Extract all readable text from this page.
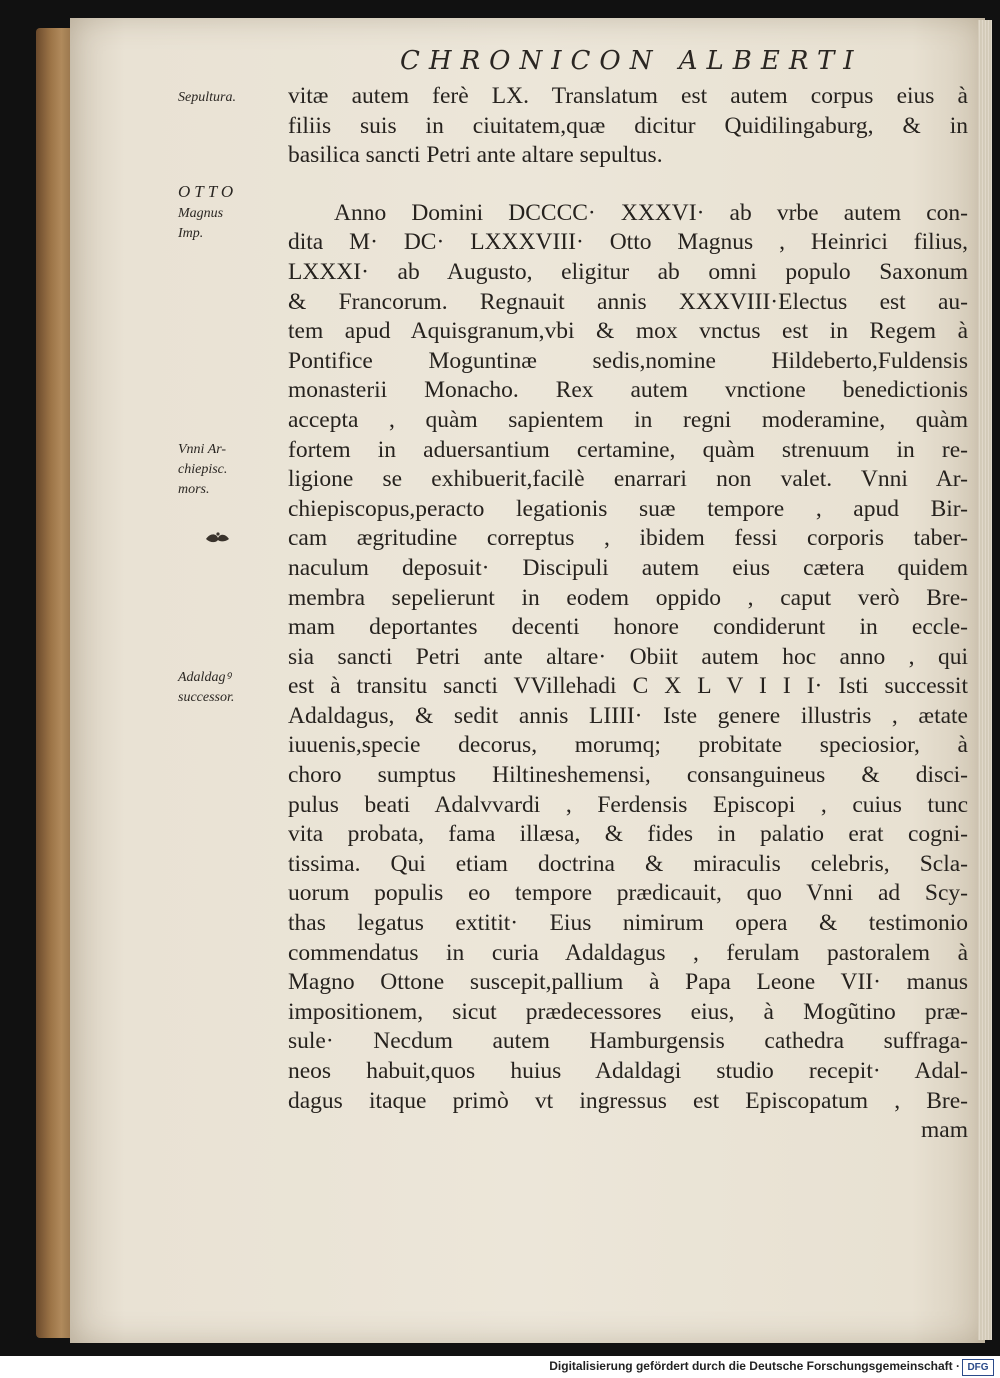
CHRONICON ALBERTI
Sepultura.
OTTO
Magnus
Imp.
Vnni Ar-
chiepisc.
mors.
Adaldagꝰ
successor.
vitæ autem ferè LX. Translatum est autem corpus eius à
filiis suis in ciuitatem,quæ dicitur Quidilingaburg, & in
basilica sancti Petri ante altare sepultus.
Anno Domini DCCCC· XXXVI· ab vrbe autem con-
dita M· DC· LXXXVIII· Otto Magnus , Heinrici filius,
LXXXI· ab Augusto, eligitur ab omni populo Saxonum
& Francorum. Regnauit annis XXXVIII·Electus est au-
tem apud Aquisgranum,vbi & mox vnctus est in Regem à
Pontifice Moguntinæ sedis,nomine Hildeberto,Fuldensis
monasterii Monacho. Rex autem vnctione benedictionis
accepta , quàm sapientem in regni moderamine, quàm
fortem in aduersantium certamine, quàm strenuum in re-
ligione se exhibuerit,facilè enarrari non valet. Vnni Ar-
chiepiscopus,peracto legationis suæ tempore , apud Bir-
cam ægritudine correptus , ibidem fessi corporis taber-
naculum deposuit· Discipuli autem eius cætera quidem
membra sepelierunt in eodem oppido , caput verò Bre-
mam deportantes decenti honore condiderunt in eccle-
sia sancti Petri ante altare· Obiit autem hoc anno , qui
est à transitu sancti VVillehadi C X L V I I I· Isti successit
Adaldagus, & sedit annis LIIII· Iste genere illustris , ætate
iuuenis,specie decorus, morumq; probitate speciosior, à
choro sumptus Hiltineshemensi, consanguineus & disci-
pulus beati Adalvvardi , Ferdensis Episcopi , cuius tunc
vita probata, fama illæsa, & fides in palatio erat cogni-
tissima. Qui etiam doctrina & miraculis celebris, Scla-
uorum populis eo tempore prædicauit, quo Vnni ad Scy-
thas legatus extitit· Eius nimirum opera & testimonio
commendatus in curia Adaldagus , ferulam pastoralem à
Magno Ottone suscepit,pallium à Papa Leone VII· manus
impositionem, sicut prædecessores eius, à Mogũtino præ-
sule· Necdum autem Hamburgensis cathedra suffraga-
neos habuit,quos huius Adaldagi studio recepit· Adal-
dagus itaque primò vt ingressus est Episcopatum , Bre-
mam
Digitalisierung gefördert durch die Deutsche Forschungsgemeinschaft · DFG
